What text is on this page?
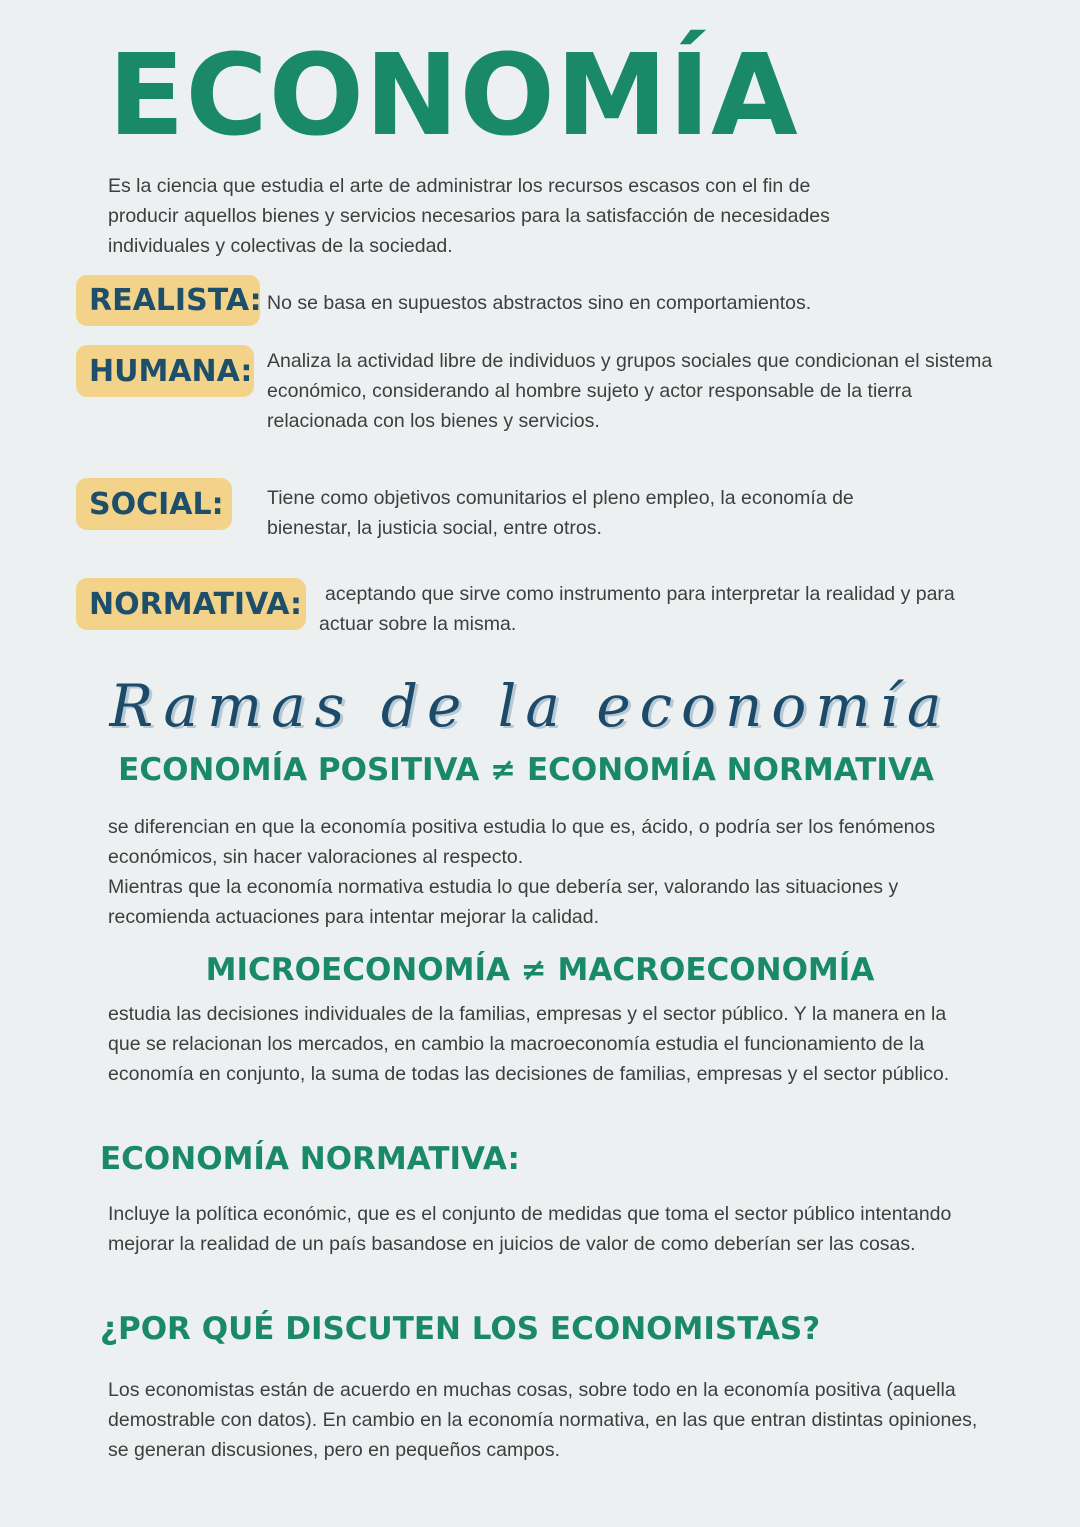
ECONOMÍA

Es la ciencia que estudia el arte de administrar los recursos escasos con el fin de producir aquellos bienes y servicios necesarios para la satisfacción de necesidades individuales y colectivas de la sociedad.

REALISTA: No se basa en supuestos abstractos sino en comportamientos.

HUMANA: Analiza la actividad libre de individuos y grupos sociales que condicionan el sistema económico, considerando al hombre sujeto y actor responsable de la tierra relacionada con los bienes y servicios.

SOCIAL:	Tiene como objetivos comunitarios el pleno empleo, la economía de bienestar, la justicia social, entre otros.

NORMATIVA:	aceptando que sirve como instrumento para interpretar la realidad y para actuar sobre la misma.

Ramas de la economía
ECONOMÍA POSITIVA ≠ ECONOMÍA NORMATIVA

se diferencian en que la economía positiva estudia lo que es, ácido, o podría ser los fenómenos económicos, sin hacer valoraciones al respecto.

Mientras que la economía normativa estudia lo que debería ser, valorando las situaciones y recomienda actuaciones para intentar mejorar la calidad.

MICROECONOMÍA ≠ MACROECONOMÍA

estudia las decisiones individuales de la familias, empresas y el sector público. Y la manera en la que se relacionan los mercados, en cambio la macroeconomía estudia el funcionamiento de la economía en conjunto, la suma de todas las decisiones de familias, empresas y el sector público.

ECONOMÍA NORMATIVA:

Incluye la política económic, que es el conjunto de medidas que toma el sector público intentando mejorar la realidad de un país basandose en juicios de valor de como deberían ser las cosas.

¿POR QUÉ DISCUTEN LOS ECONOMISTAS?

Los economistas están de acuerdo en muchas cosas, sobre todo en la economía positiva (aquella demostrable con datos). En cambio en la economía normativa, en las que entran distintas opiniones, se generan discusiones, pero en pequeños campos.
